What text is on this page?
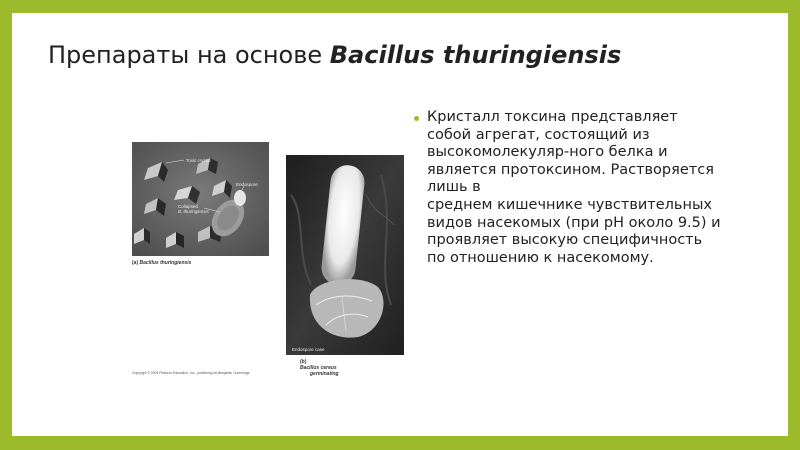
Препараты на основе Bacillus thuringiensis
Toxic crystal
Endospore
Collapsed
B. thuringiensis
(a) Bacillus thuringiensis
Copyright © 2004 Pearson Education, Inc., publishing as Benjamin Cummings.
Endospore case
(b)
Bacillus cereus
germinating
Кристалл токсина представляет
собой агрегат, состоящий из
высокомолекуляр-ного белка и
является протоксином. Растворяется
лишь в
среднем кишечнике чувствительных
видов насекомых (при pH около 9.5) и
проявляет высокую специфичность
по отношению к насекомому.
